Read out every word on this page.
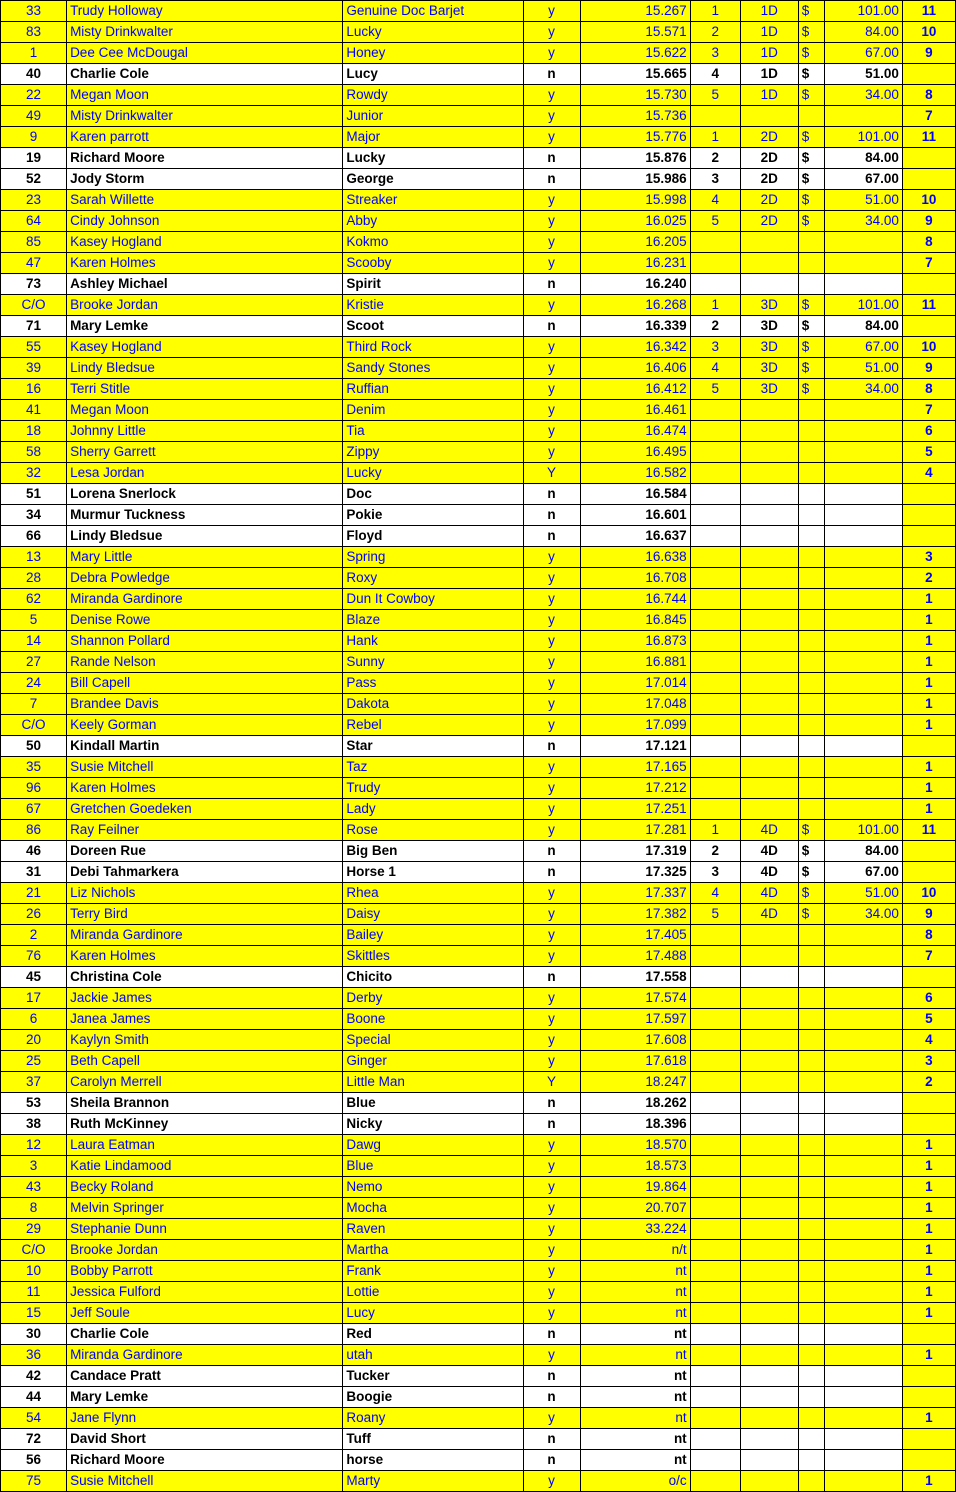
33	Trudy Holloway	Genuine Doc Barjet	y	15.267	1	1D	$	101.00	11
83	Misty Drinkwalter	Lucky	y	15.571	2	1D	$	84.00	10
1	Dee Cee McDougal	Honey	y	15.622	3	1D	$	67.00	9
40	Charlie Cole	Lucy	n	15.665	4	1D	$	51.00	
22	Megan Moon	Rowdy	y	15.730	5	1D	$	34.00	8
49	Misty Drinkwalter	Junior	y	15.736					7
9	Karen parrott	Major	y	15.776	1	2D	$	101.00	11
19	Richard Moore	Lucky	n	15.876	2	2D	$	84.00	
52	Jody Storm	George	n	15.986	3	2D	$	67.00	
23	Sarah Willette	Streaker	y	15.998	4	2D	$	51.00	10
64	Cindy Johnson	Abby	y	16.025	5	2D	$	34.00	9
85	Kasey Hogland	Kokmo	y	16.205					8
47	Karen Holmes	Scooby	y	16.231					7
73	Ashley Michael	Spirit	n	16.240					
C/O	Brooke Jordan	Kristie	y	16.268	1	3D	$	101.00	11
71	Mary Lemke	Scoot	n	16.339	2	3D	$	84.00	
55	Kasey Hogland	Third Rock	y	16.342	3	3D	$	67.00	10
39	Lindy Bledsue	Sandy Stones	y	16.406	4	3D	$	51.00	9
16	Terri Stitle	Ruffian	y	16.412	5	3D	$	34.00	8
41	Megan Moon	Denim	y	16.461					7
18	Johnny Little	Tia	y	16.474					6
58	Sherry Garrett	Zippy	y	16.495					5
32	Lesa Jordan	Lucky	Y	16.582					4
51	Lorena Snerlock	Doc	n	16.584					
34	Murmur Tuckness	Pokie	n	16.601					
66	Lindy Bledsue	Floyd	n	16.637					
13	Mary Little	Spring	y	16.638					3
28	Debra Powledge	Roxy	y	16.708					2
62	Miranda Gardinore	Dun It Cowboy	y	16.744					1
5	Denise Rowe	Blaze	y	16.845					1
14	Shannon Pollard	Hank	y	16.873					1
27	Rande Nelson	Sunny	y	16.881					1
24	Bill Capell	Pass	y	17.014					1
7	Brandee Davis	Dakota	y	17.048					1
C/O	Keely Gorman	Rebel	y	17.099					1
50	Kindall Martin	Star	n	17.121					
35	Susie Mitchell	Taz	y	17.165					1
96	Karen Holmes	Trudy	y	17.212					1
67	Gretchen Goedeken	Lady	y	17.251					1
86	Ray Feilner	Rose	y	17.281	1	4D	$	101.00	11
46	Doreen Rue	Big Ben	n	17.319	2	4D	$	84.00	
31	Debi Tahmarkera	Horse 1	n	17.325	3	4D	$	67.00	
21	Liz Nichols	Rhea	y	17.337	4	4D	$	51.00	10
26	Terry Bird	Daisy	y	17.382	5	4D	$	34.00	9
2	Miranda Gardinore	Bailey	y	17.405					8
76	Karen Holmes	Skittles	y	17.488					7
45	Christina Cole	Chicito	n	17.558					
17	Jackie James	Derby	y	17.574					6
6	Janea James	Boone	y	17.597					5
20	Kaylyn Smith	Special	y	17.608					4
25	Beth Capell	Ginger	y	17.618					3
37	Carolyn Merrell	Little Man	Y	18.247					2
53	Sheila Brannon	Blue	n	18.262					
38	Ruth McKinney	Nicky	n	18.396					
12	Laura Eatman	Dawg	y	18.570					1
3	Katie Lindamood	Blue	y	18.573					1
43	Becky Roland	Nemo	y	19.864					1
8	Melvin Springer	Mocha	y	20.707					1
29	Stephanie Dunn	Raven	y	33.224					1
C/O	Brooke Jordan	Martha	y	n/t					1
10	Bobby Parrott	Frank	y	nt					1
11	Jessica Fulford	Lottie	y	nt					1
15	Jeff Soule	Lucy	y	nt					1
30	Charlie Cole	Red	n	nt					
36	Miranda Gardinore	utah	y	nt					1
42	Candace Pratt	Tucker	n	nt					
44	Mary Lemke	Boogie	n	nt					
54	Jane Flynn	Roany	y	nt					1
72	David Short	Tuff	n	nt					
56	Richard Moore	horse	n	nt					
75	Susie Mitchell	Marty	y	o/c					1
